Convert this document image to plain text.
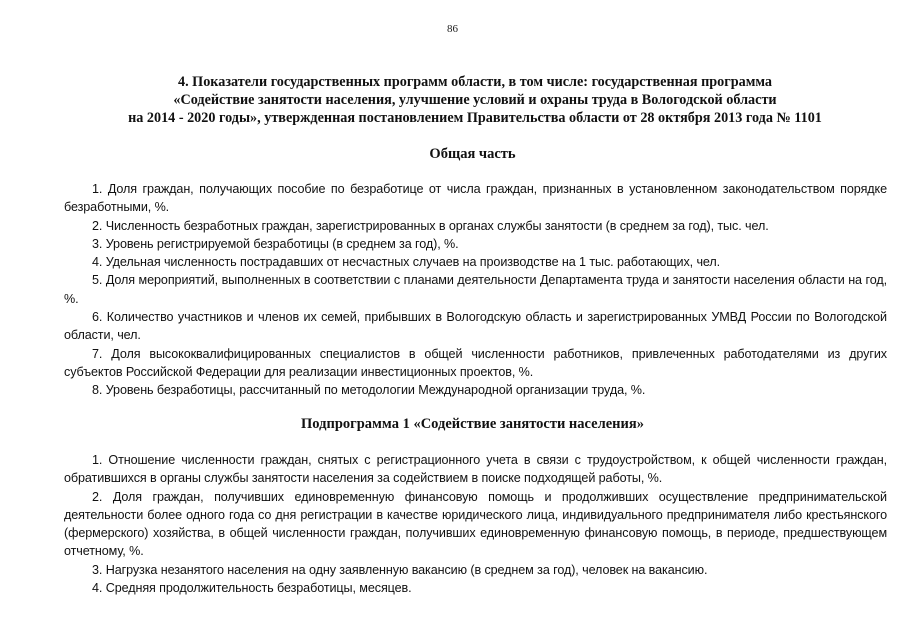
86
4. Показатели государственных программ области, в том числе: государственная программа
«Содействие занятости населения, улучшение условий и охраны труда в Вологодской области
на 2014 - 2020 годы», утвержденная постановлением Правительства области от 28 октября 2013 года № 1101
Общая часть

1. Доля граждан, получающих пособие по безработице от числа граждан, признанных в установленном законодательством порядке безработными, %.

2. Численность безработных граждан, зарегистрированных в органах службы занятости (в среднем за год), тыс. чел.

3. Уровень регистрируемой безработицы (в среднем за год), %.

4. Удельная численность пострадавших от несчастных случаев на производстве на 1 тыс. работающих, чел.

5. Доля мероприятий, выполненных в соответствии с планами деятельности Департамента труда и занятости населения области на год, %.

6. Количество участников и членов их семей, прибывших в Вологодскую область и зарегистрированных УМВД России по Вологодской области, чел.

7. Доля высококвалифицированных специалистов в общей численности работников, привлеченных работодателями из других субъектов Российской Федерации для реализации инвестиционных проектов, %.

8. Уровень безработицы, рассчитанный по методологии Международной организации труда, %.

Подпрограмма 1 «Содействие занятости населения»

1. Отношение численности граждан, снятых с регистрационного учета в связи с трудоустройством, к общей численности граждан, обратившихся в органы службы занятости населения за содействием в поиске подходящей работы, %.

2. Доля граждан, получивших единовременную финансовую помощь и продолживших осуществление предпринимательской деятельности более одного года со дня регистрации в качестве юридического лица, индивидуального предпринимателя либо крестьянского (фермерского) хозяйства, в общей численности граждан, получивших единовременную финансовую помощь, в периоде, предшествующем отчетному, %.

3. Нагрузка незанятого населения на одну заявленную вакансию (в среднем за год), человек на вакансию.

4. Средняя продолжительность безработицы, месяцев.
